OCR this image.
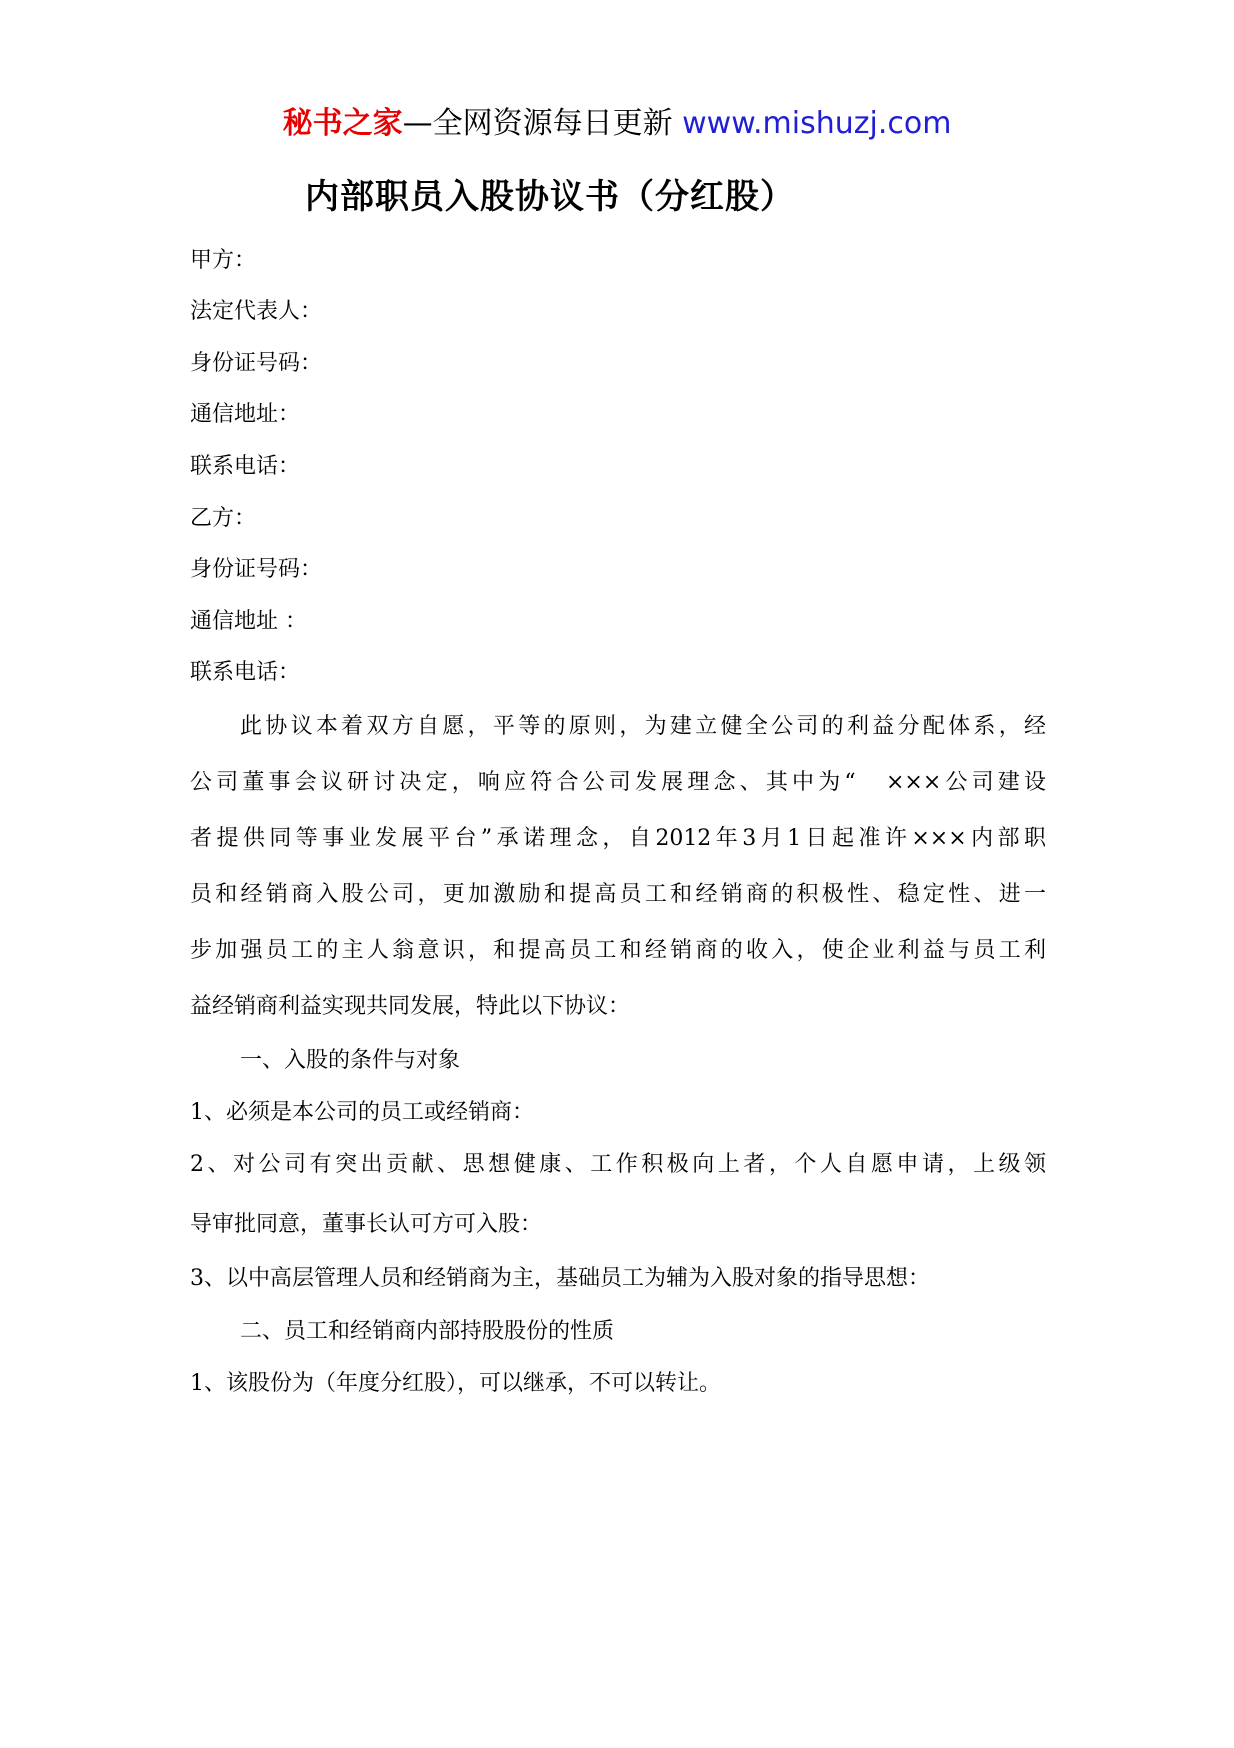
秘书之家—全网资源每日更新 www.mishuzj.com
内部职员入股协议书（分红股）
甲方：
法定代表人：
身份证号码：
通信地址：
联系电话：
乙方：
身份证号码：
通信地址 ：
联系电话：
此协议本着双方自愿，平等的原则，为建立健全公司的利益分配体系，经
公司董事会议研讨决定，响应符合公司发展理念、其中为“　×××公司建设
者提供同等事业发展平台”承诺理念，自2012年3月1日起准许×××内部职
员和经销商入股公司，更加激励和提高员工和经销商的积极性、稳定性、进一
步加强员工的主人翁意识，和提高员工和经销商的收入，使企业利益与员工利
益经销商利益实现共同发展，特此以下协议：
一、入股的条件与对象
1、必须是本公司的员工或经销商：
2、对公司有突出贡献、思想健康、工作积极向上者，个人自愿申请，上级领
导审批同意，董事长认可方可入股：
3、以中高层管理人员和经销商为主，基础员工为辅为入股对象的指导思想：
二、员工和经销商内部持股股份的性质
1、该股份为（年度分红股），可以继承，不可以转让。
